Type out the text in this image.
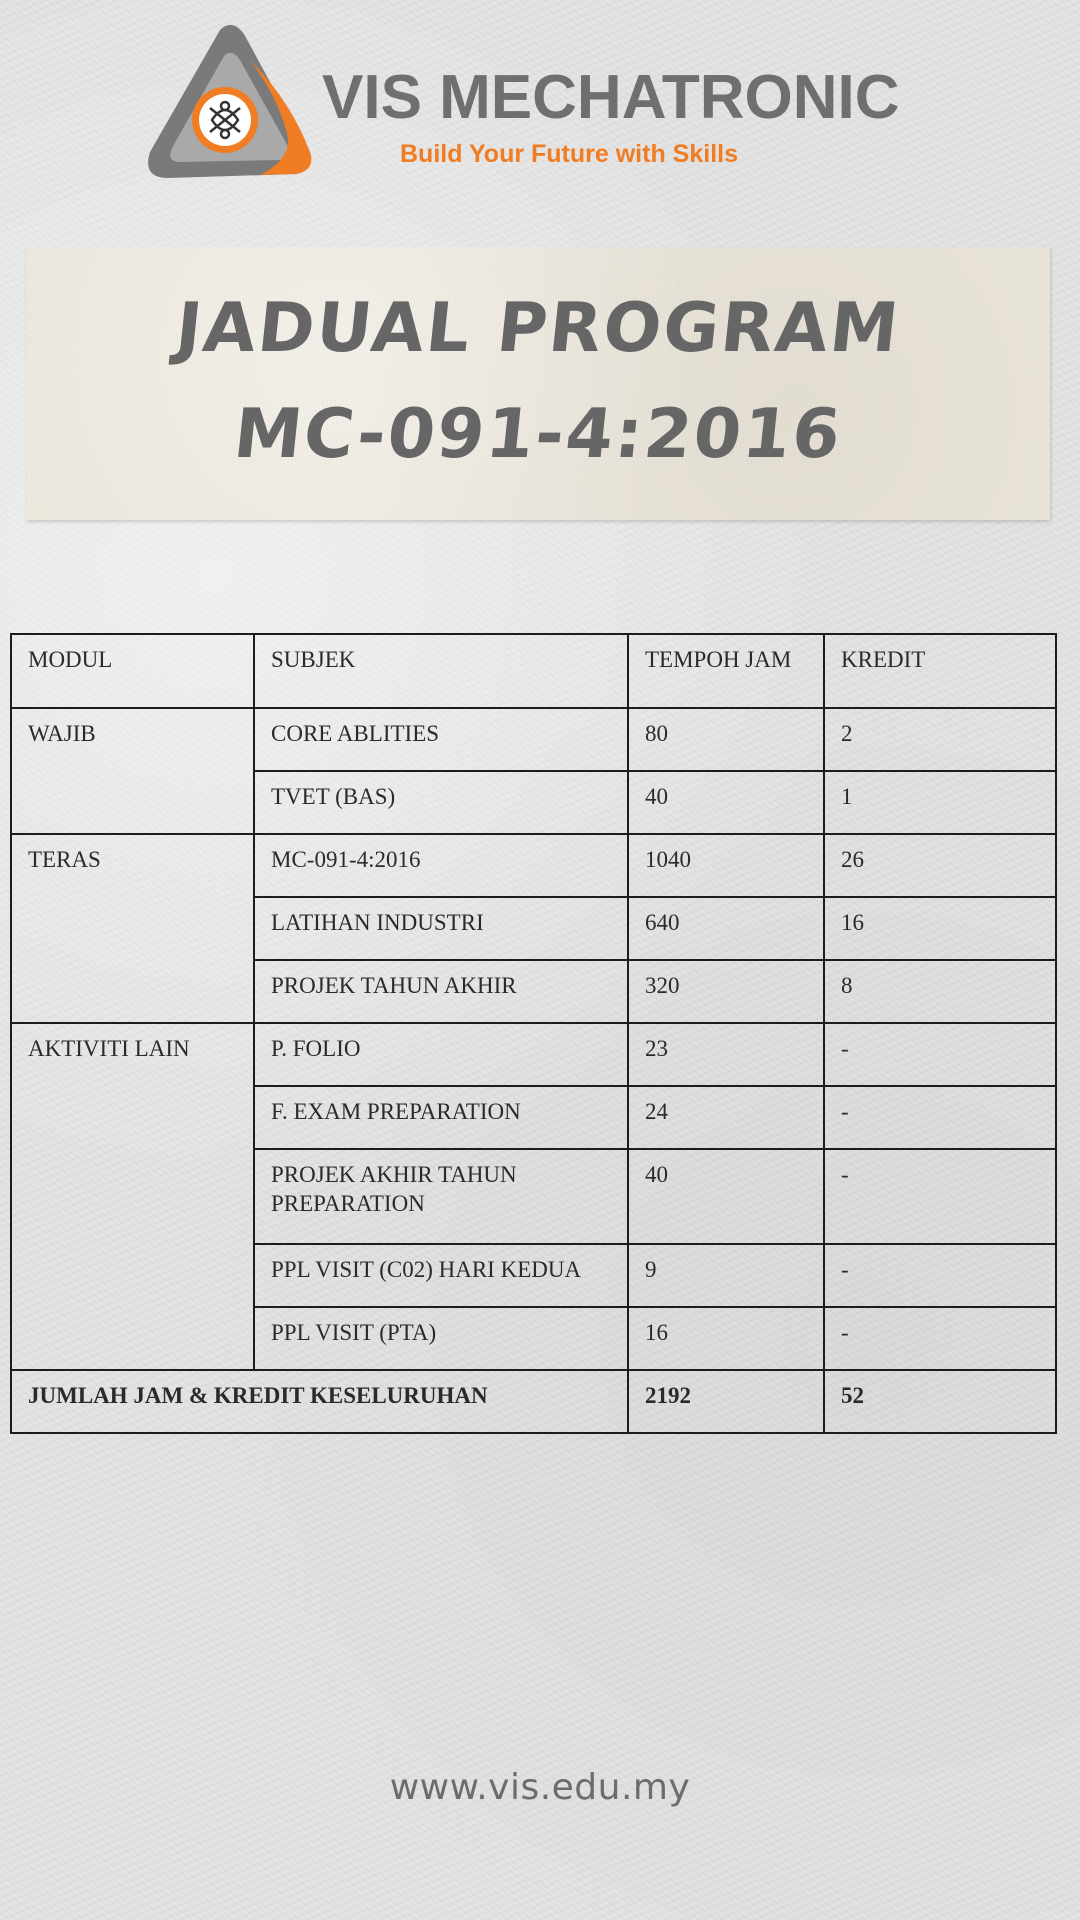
VIS MECHATRONIC
Build Your Future with Skills
JADUAL PROGRAM
MC-091-4:2016
MODUL	SUBJEK	TEMPOH JAM	KREDIT
WAJIB	CORE ABLITIES	80	2
	TVET (BAS)	40	1
TERAS	MC-091-4:2016	1040	26
	LATIHAN INDUSTRI	640	16
	PROJEK TAHUN AKHIR	320	8
AKTIVITI LAIN	P. FOLIO	23	-
	F. EXAM PREPARATION	24	-
	PROJEK AKHIR TAHUN PREPARATION	40	-
	PPL VISIT (C02) HARI KEDUA	9	-
	PPL VISIT (PTA)	16	-
JUMLAH JAM & KREDIT KESELURUHAN		2192	52
www.vis.edu.my
